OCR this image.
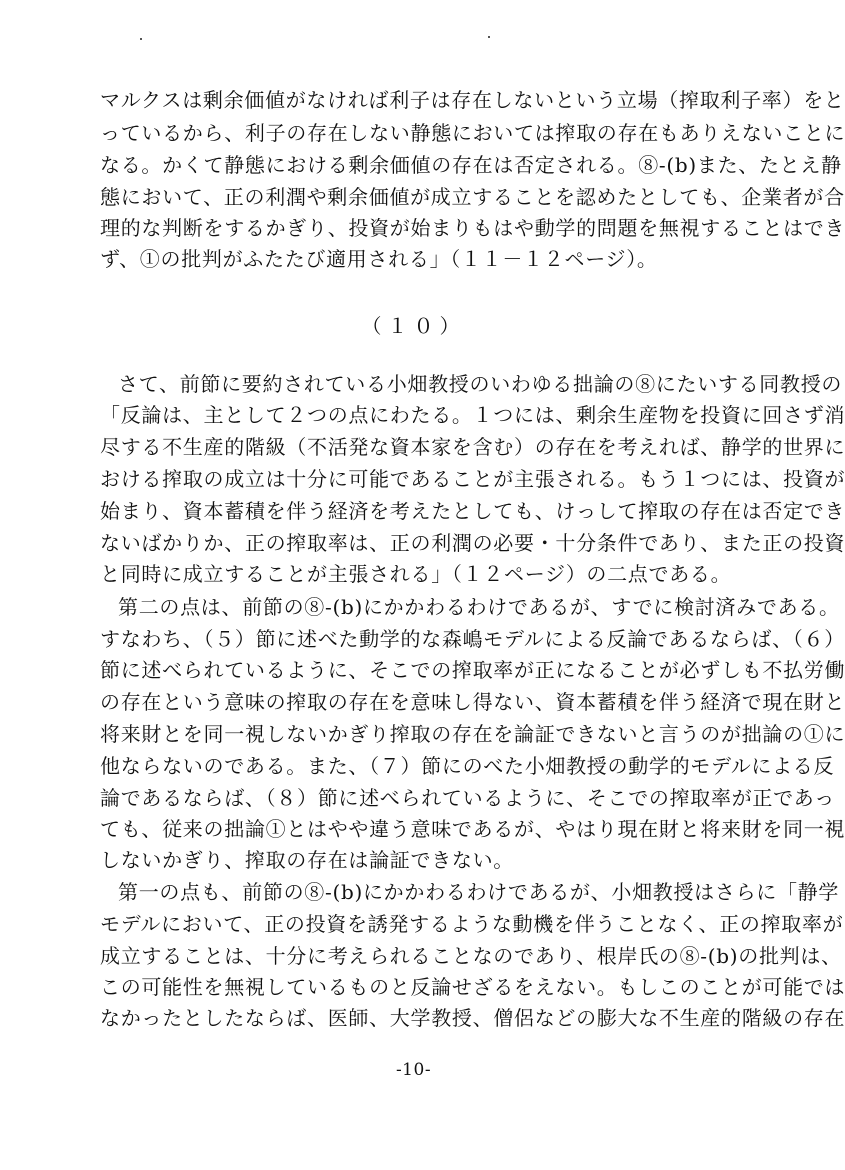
マルクスは剰余価値がなければ利子は存在しないという立場（搾取利子率）をと
っているから、利子の存在しない静態においては搾取の存在もありえないことに
なる。かくて静態における剰余価値の存在は否定される。⑧-(b)また、たとえ静
態において、正の利潤や剰余価値が成立することを認めたとしても、企業者が合
理的な判断をするかぎり、投資が始まりもはや動学的問題を無視することはでき
ず、①の批判がふたたび適用される」（１１－１２ページ）。
（１０）
さて、前節に要約されている小畑教授のいわゆる拙論の⑧にたいする同教授の
「反論は、主として２つの点にわたる。１つには、剰余生産物を投資に回さず消
尽する不生産的階級（不活発な資本家を含む）の存在を考えれば、静学的世界に
おける搾取の成立は十分に可能であることが主張される。もう１つには、投資が
始まり、資本蓄積を伴う経済を考えたとしても、けっして搾取の存在は否定でき
ないばかりか、正の搾取率は、正の利潤の必要・十分条件であり、また正の投資
と同時に成立することが主張される」（１２ページ）の二点である。
第二の点は、前節の⑧-(b)にかかわるわけであるが、すでに検討済みである。
すなわち、（５）節に述べた動学的な森嶋モデルによる反論であるならば、（６）
節に述べられているように、そこでの搾取率が正になることが必ずしも不払労働
の存在という意味の搾取の存在を意味し得ない、資本蓄積を伴う経済で現在財と
将来財とを同一視しないかぎり搾取の存在を論証できないと言うのが拙論の①に
他ならないのである。また、（７）節にのべた小畑教授の動学的モデルによる反
論であるならば、（８）節に述べられているように、そこでの搾取率が正であっ
ても、従来の拙論①とはやや違う意味であるが、やはり現在財と将来財を同一視
しないかぎり、搾取の存在は論証できない。
第一の点も、前節の⑧-(b)にかかわるわけであるが、小畑教授はさらに「静学
モデルにおいて、正の投資を誘発するような動機を伴うことなく、正の搾取率が
成立することは、十分に考えられることなのであり、根岸氏の⑧-(b)の批判は、
この可能性を無視しているものと反論せざるをえない。もしこのことが可能では
なかったとしたならば、医師、大学教授、僧侶などの膨大な不生産的階級の存在
-10-
